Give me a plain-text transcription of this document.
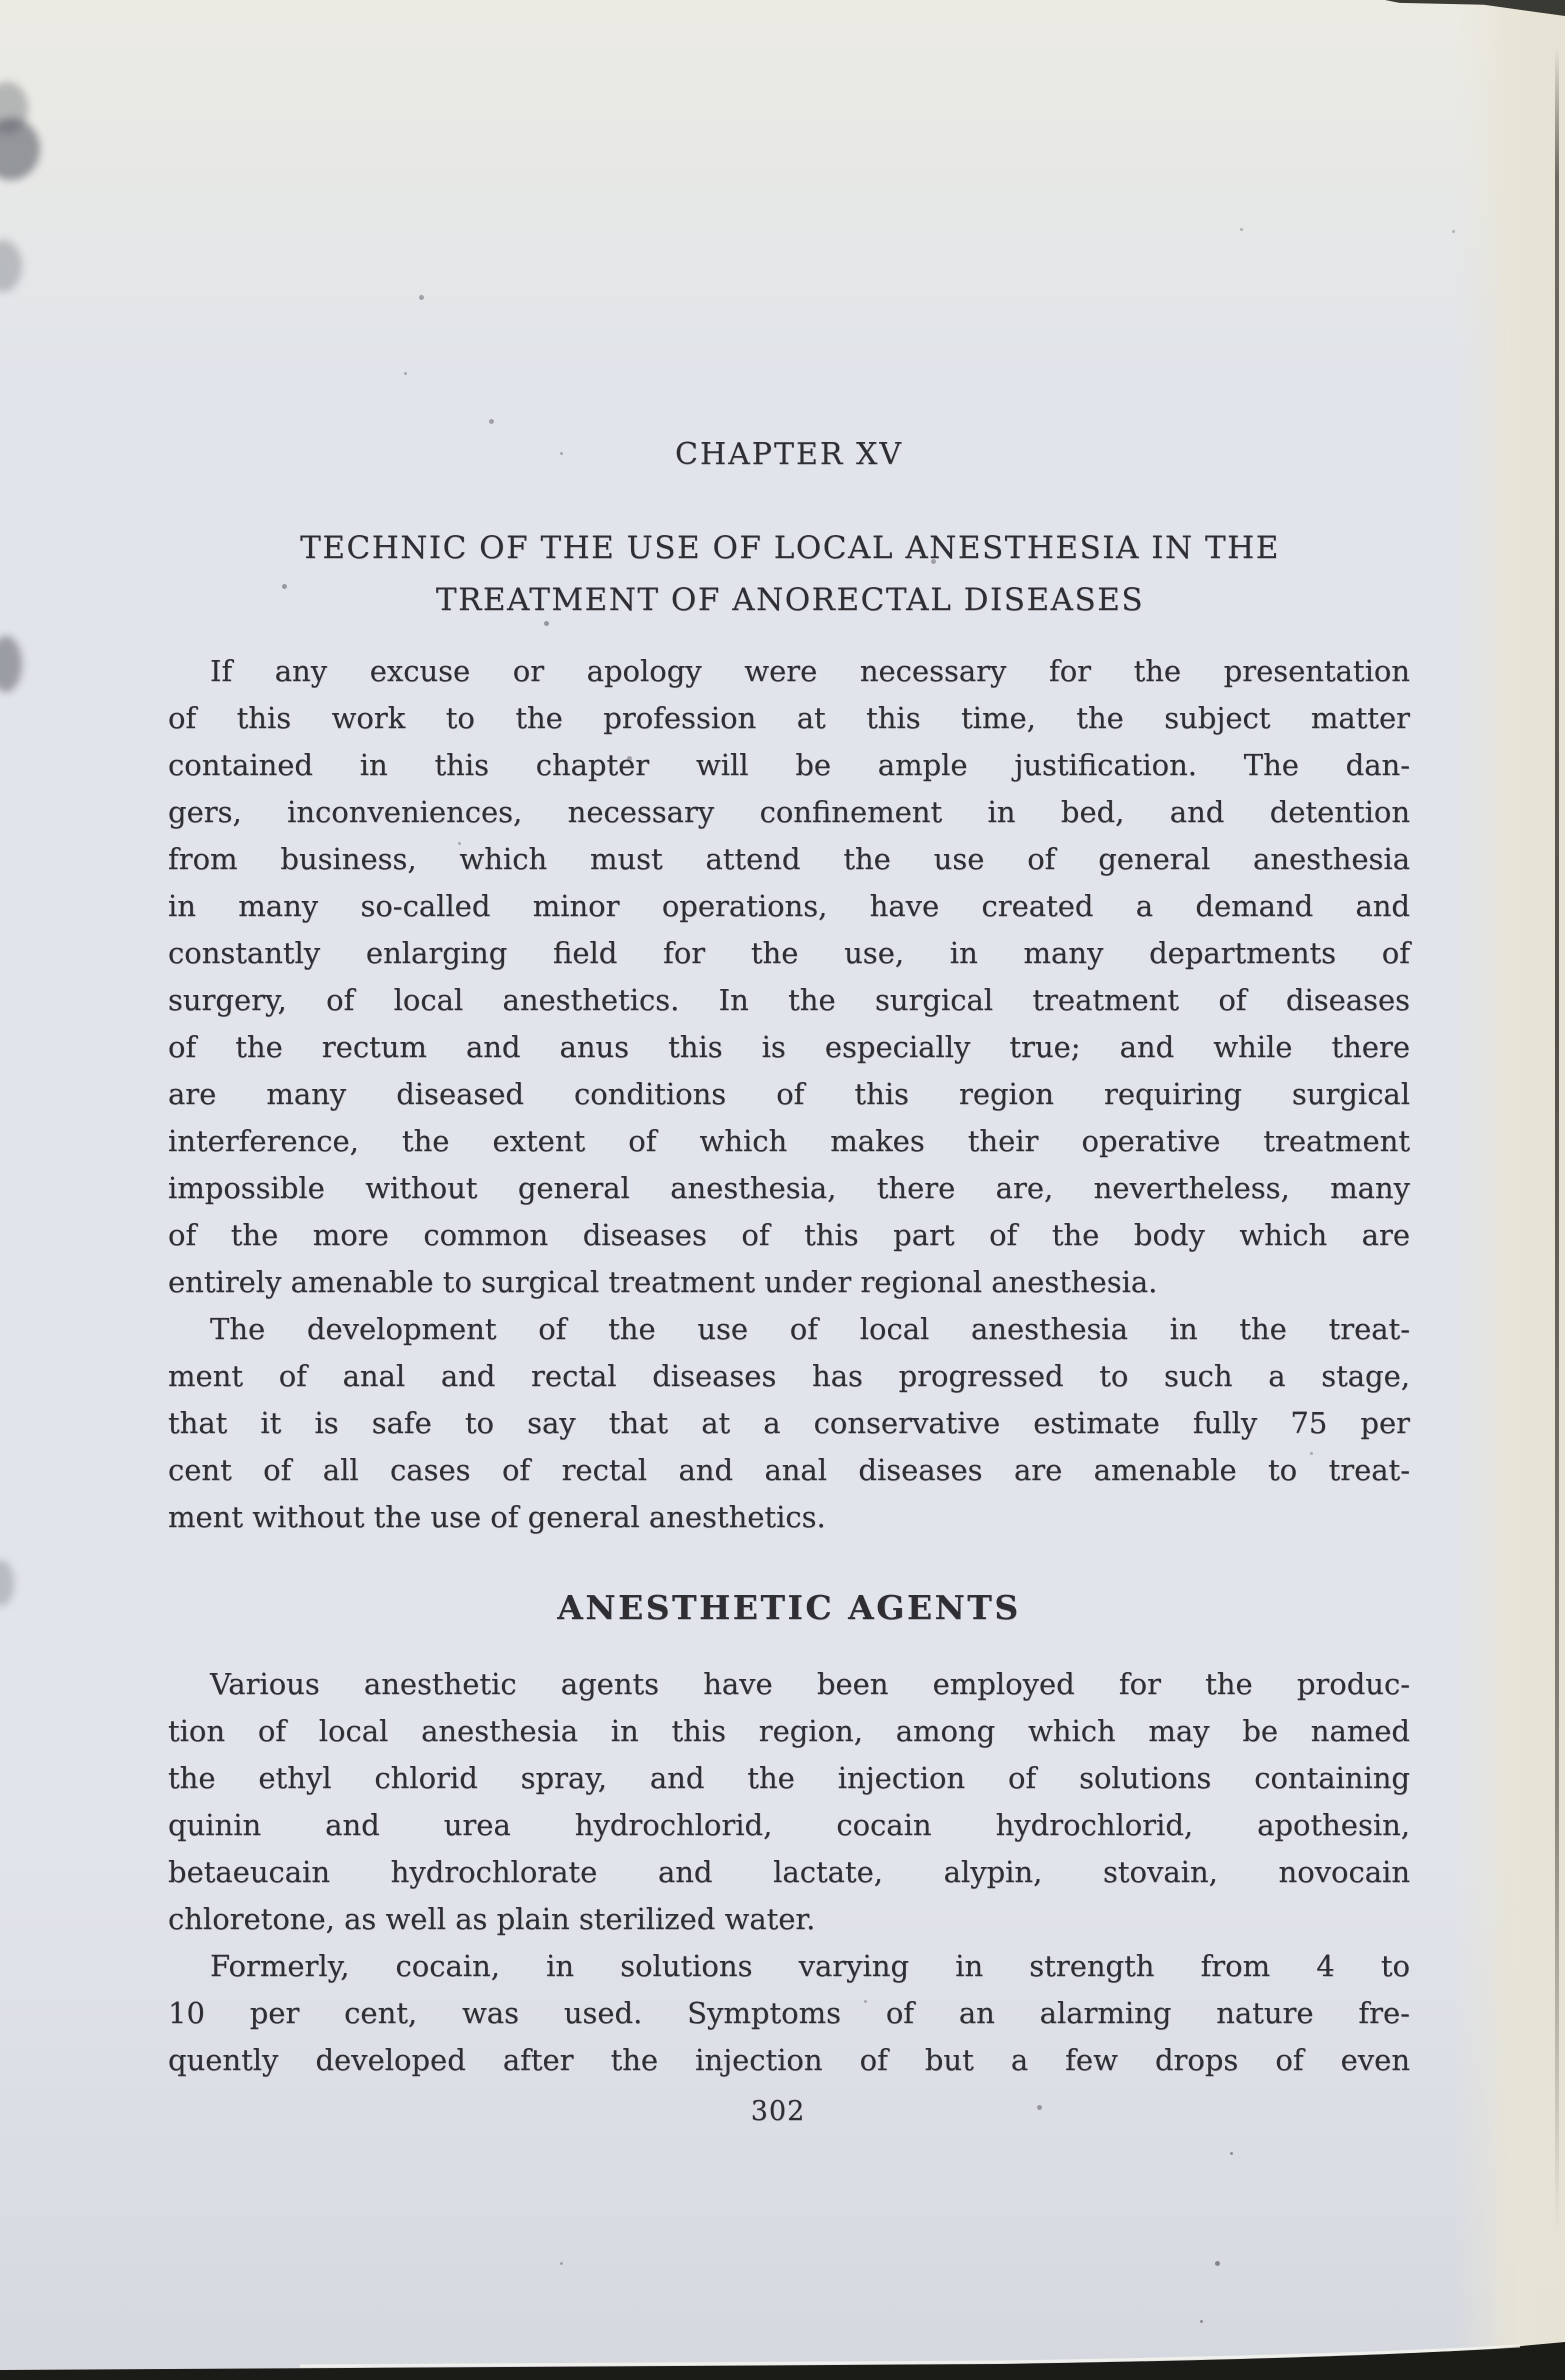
CHAPTER XV
TECHNIC OF THE USE OF LOCAL ANESTHESIA IN THE
TREATMENT OF ANORECTAL DISEASES
If any excuse or apology were necessary for the presentation
of this work to the profession at this time, the subject matter
contained in this chapter will be ample justification. The dan-
gers, inconveniences, necessary confinement in bed, and detention
from business, which must attend the use of general anesthesia
in many so-called minor operations, have created a demand and
constantly enlarging field for the use, in many departments of
surgery, of local anesthetics. In the surgical treatment of diseases
of the rectum and anus this is especially true; and while there
are many diseased conditions of this region requiring surgical
interference, the extent of which makes their operative treatment
impossible without general anesthesia, there are, nevertheless, many
of the more common diseases of this part of the body which are
entirely amenable to surgical treatment under regional anesthesia.
The development of the use of local anesthesia in the treat-
ment of anal and rectal diseases has progressed to such a stage,
that it is safe to say that at a conservative estimate fully 75 per
cent of all cases of rectal and anal diseases are amenable to treat-
ment without the use of general anesthetics.
ANESTHETIC AGENTS
Various anesthetic agents have been employed for the produc-
tion of local anesthesia in this region, among which may be named
the ethyl chlorid spray, and the injection of solutions containing
quinin and urea hydrochlorid, cocain hydrochlorid, apothesin,
betaeucain hydrochlorate and lactate, alypin, stovain, novocain
chloretone, as well as plain sterilized water.
Formerly, cocain, in solutions varying in strength from 4 to
10 per cent, was used. Symptoms of an alarming nature fre-
quently developed after the injection of but a few drops of even
302
